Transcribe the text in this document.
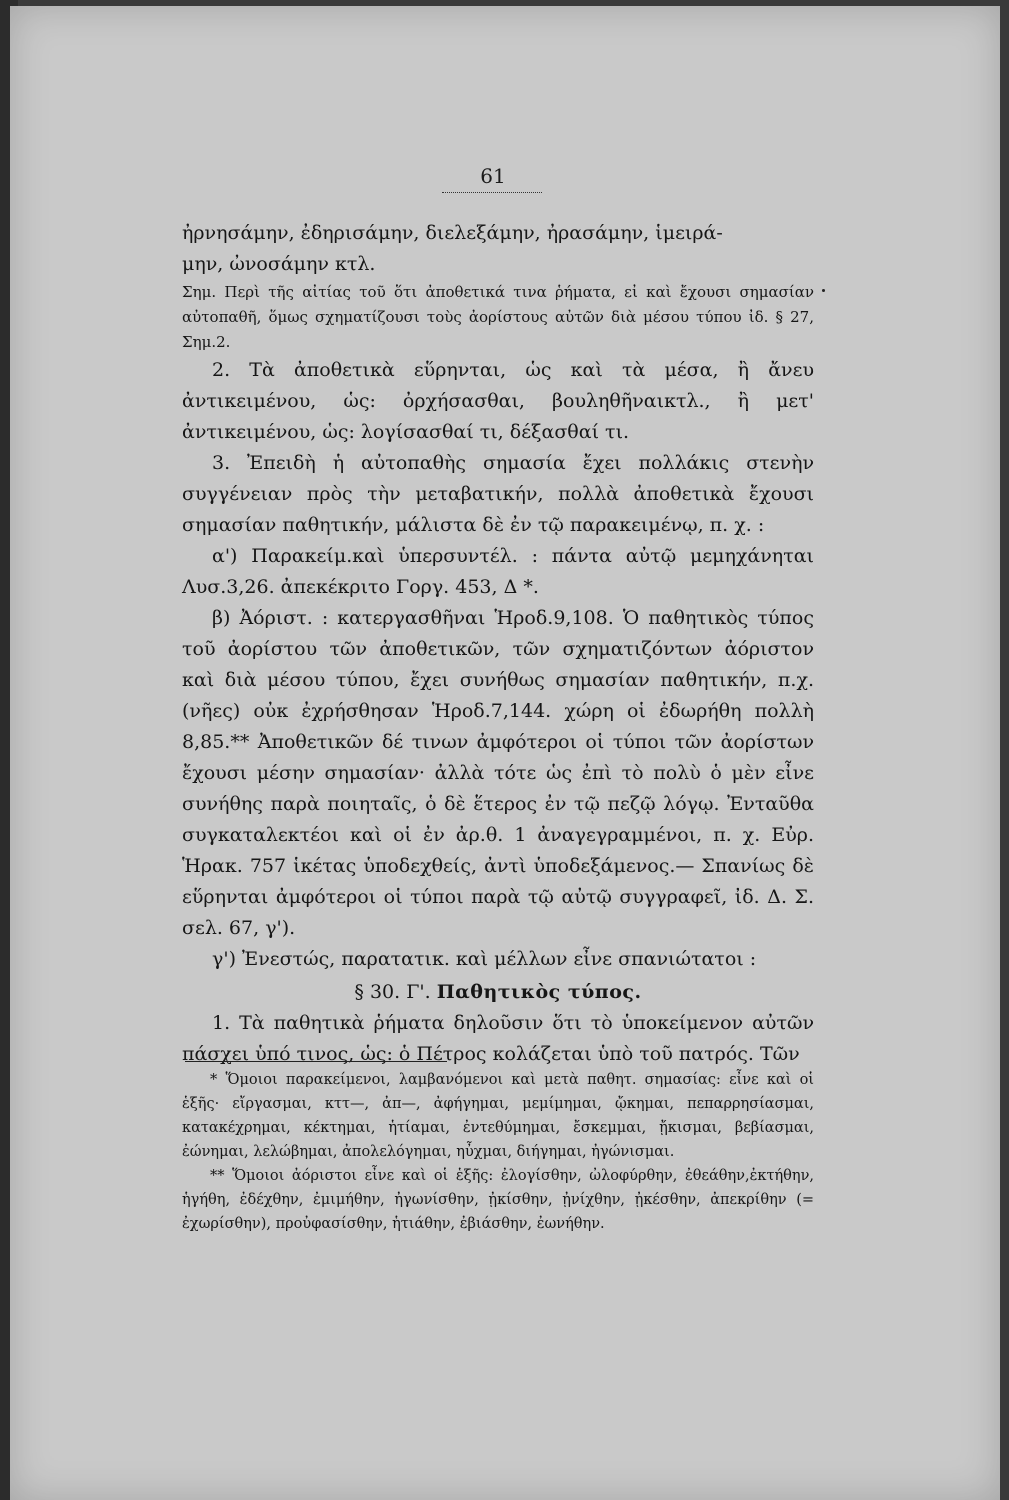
61

ἠρνησάμην, ἐδηρισάμην, διελεξάμην, ἠρασάμην, ἱμειρά-

μην, ὠνοσάμην κτλ.

Σημ. Περὶ τῆς αἰτίας τοῦ ὅτι ἀποθετικά τινα ῥήματα, εἰ καὶ ἔχουσι σημασίαν αὐτοπαθῆ, ὅμως σχηματίζουσι τοὺς ἀορίστους αὐτῶν διὰ μέσου τύπου ἰδ. § 27, Σημ.2.

2. Τὰ ἀποθετικὰ εὕρηνται, ὡς καὶ τὰ μέσα, ἢ ἄνευ ἀντικειμένου, ὡς: ὀρχήσασθαι, βουληθῆναικτλ., ἢ μετ' ἀντικειμένου, ὡς: λογίσασθαί τι, δέξασθαί τι.

3. Ἐπειδὴ ἡ αὐτοπαθὴς σημασία ἔχει πολλάκις στενὴν συγγένειαν πρὸς τὴν μεταβατικήν, πολλὰ ἀποθετικὰ ἔχουσι σημασίαν παθητικήν, μάλιστα δὲ ἐν τῷ παρακειμένῳ, π. χ. :

α') Παρακείμ.καὶ ὑπερσυντέλ. : πάντα αὐτῷ μεμηχάνηται Λυσ.3,26. ἀπεκέκριτο Γοργ. 453, Δ *.

β) Ἀόριστ. : κατεργασθῆναι Ἡροδ.9,108. Ὁ παθητικὸς τύπος τοῦ ἀορίστου τῶν ἀποθετικῶν, τῶν σχηματιζόντων ἀόριστον καὶ διὰ μέσου τύπου, ἔχει συνήθως σημασίαν παθητικήν, π.χ. (νῆες) οὐκ ἐχρήσθησαν Ἡροδ.7,144. χώρη οἱ ἐδωρήθη πολλὴ 8,85.** Ἀποθετικῶν δέ τινων ἀμφότεροι οἱ τύποι τῶν ἀορίστων ἔχουσι μέσην σημασίαν· ἀλλὰ τότε ὡς ἐπὶ τὸ πολὺ ὁ μὲν εἶνε συνήθης παρὰ ποιηταῖς, ὁ δὲ ἕτερος ἐν τῷ πεζῷ λόγῳ. Ἐνταῦθα συγκαταλεκτέοι καὶ οἱ ἐν ἀρ.θ. 1 ἀναγεγραμμένοι, π. χ. Εὐρ. Ἡρακ. 757 ἱκέτας ὑποδεχθείς, ἀντὶ ὑποδεξάμενος.— Σπανίως δὲ εὕρηνται ἀμφότεροι οἱ τύποι παρὰ τῷ αὐτῷ συγγραφεῖ, ἰδ. Δ. Σ. σελ. 67, γ').

γ') Ἐνεστώς, παρατατικ. καὶ μέλλων εἶνε σπανιώτατοι :

§ 30. Γ'. Παθητικὸς τύπος.

1. Τὰ παθητικὰ ῥήματα δηλοῦσιν ὅτι τὸ ὑποκείμενον αὐτῶν πάσχει ὑπό τινος, ὡς: ὁ Πέτρος κολάζεται ὑπὸ τοῦ πατρός. Τῶν

* Ὅμοιοι παρακείμενοι, λαμβανόμενοι καὶ μετὰ παθητ. σημασίας: εἶνε καὶ οἱ ἑξῆς· εἴργασμαι, κττ—, ἀπ—, ἀφήγημαι, μεμίμημαι, ᾤκημαι, πεπαρρησίασμαι, κατακέχρημαι, κέκτημαι, ἡτίαμαι, ἐντεθύμημαι, ἔσκεμμαι, ᾔκισμαι, βεβίασμαι, ἐώνημαι, λελώβημαι, ἀπολελόγημαι, ηὖχμαι, διήγημαι, ἠγώνισμαι.

** Ὅμοιοι ἀόριστοι εἶνε καὶ οἱ ἑξῆς: ἐλογίσθην, ὠλοφύρθην, ἐθεάθην,ἐκτήθην, ἡγήθη, ἐδέχθην, ἐμιμήθην, ἠγωνίσθην, ᾐκίσθην, ᾐνίχθην, ᾐκέσθην, ἀπεκρίθην (= ἐχωρίσθην), προὐφασίσθην, ἡτιάθην, ἐβιάσθην, ἐωνήθην.
